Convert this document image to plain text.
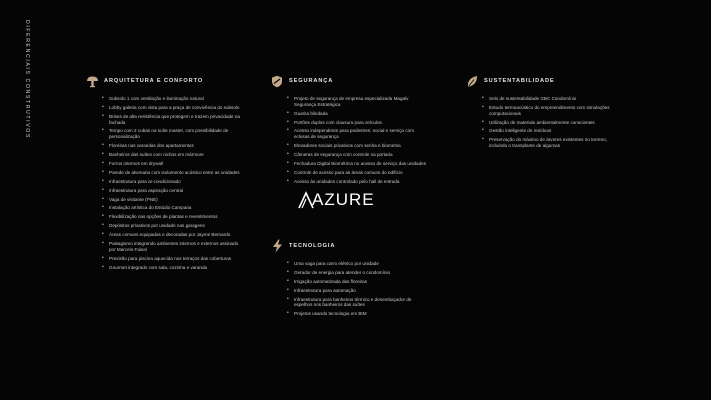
DIFERENCIAIS CONSTRUTIVOS	ARQUITETURA E CONFORTO
• Subsolo 1 com ventilação e iluminação natural
• Lobby galeria com vista para a praça de convivência do subsolo
• Brises de alta resistência que protegem e trazem privacidade na fachada
• Tempo com 2 cubas na suíte master, com possibilidade de personalização
• Floreiras nas varandas dos apartamentos
• Banheiros das suítes com nichos em mármore
• Forros internos em drywall
• Parede de alvenaria com isolamento acústico entre as unidades
• Infraestrutura para ar-condicionado
• Infraestrutura para aspiração central
• Vaga de visitante (PNE)
• Instalação artística do Estúdio Campana
• Flexibilização nas opções de plantas e revestimentos
• Depósitos privativos por unidade nas garagens
• Áreas comuns equipadas e decoradas por Jayme Bernardo
• Paisagismo integrando ambientes internos e externos assinado por Marcelo Faisal
• Previsão para piscina aquecida nos terraços das coberturas
• Gourmet integrado com sala, cozinha e varanda
SEGURANÇA
• Projeto de segurança de empresa especializada Magalv Segurança Estratégica
• Guarita blindada
• Portões duplos com clausura para veículos
• Acesso independente para pedestres: social e serviço com eclusas de segurança
• Elevadores sociais privativos com senha e biometria
• Câmeras de segurança com controle na portaria
• Fechadura Digital Biométrica no acesso de serviço das unidades
• Controle de acesso para as áreas comuns do edifício
• Acesso às unidades controlado pelo hall de entrada
AZURE
TECNOLOGIA
• Uma vaga para carro elétrico por unidade
• Gerador de energia para atender o condomínio
• Irrigação automatizada das floreiras
• Infraestrutura para automação
• Infraestrutura para banheiros térmico e desembaçador de espelhos nos banheiros das suítes
• Projetos usando tecnologia em BIM
SUSTENTABILIDADE
• Selo de sustentabilidade GBC Condomínio
• Estudo termoacústico do empreendimento com simulações computacionais
• Utilização de materiais ambientalmente conscientes
• Gestão inteligente de resíduos
• Preservação do máximo de árvores existentes no terreno, incluindo o transplante de algumas
